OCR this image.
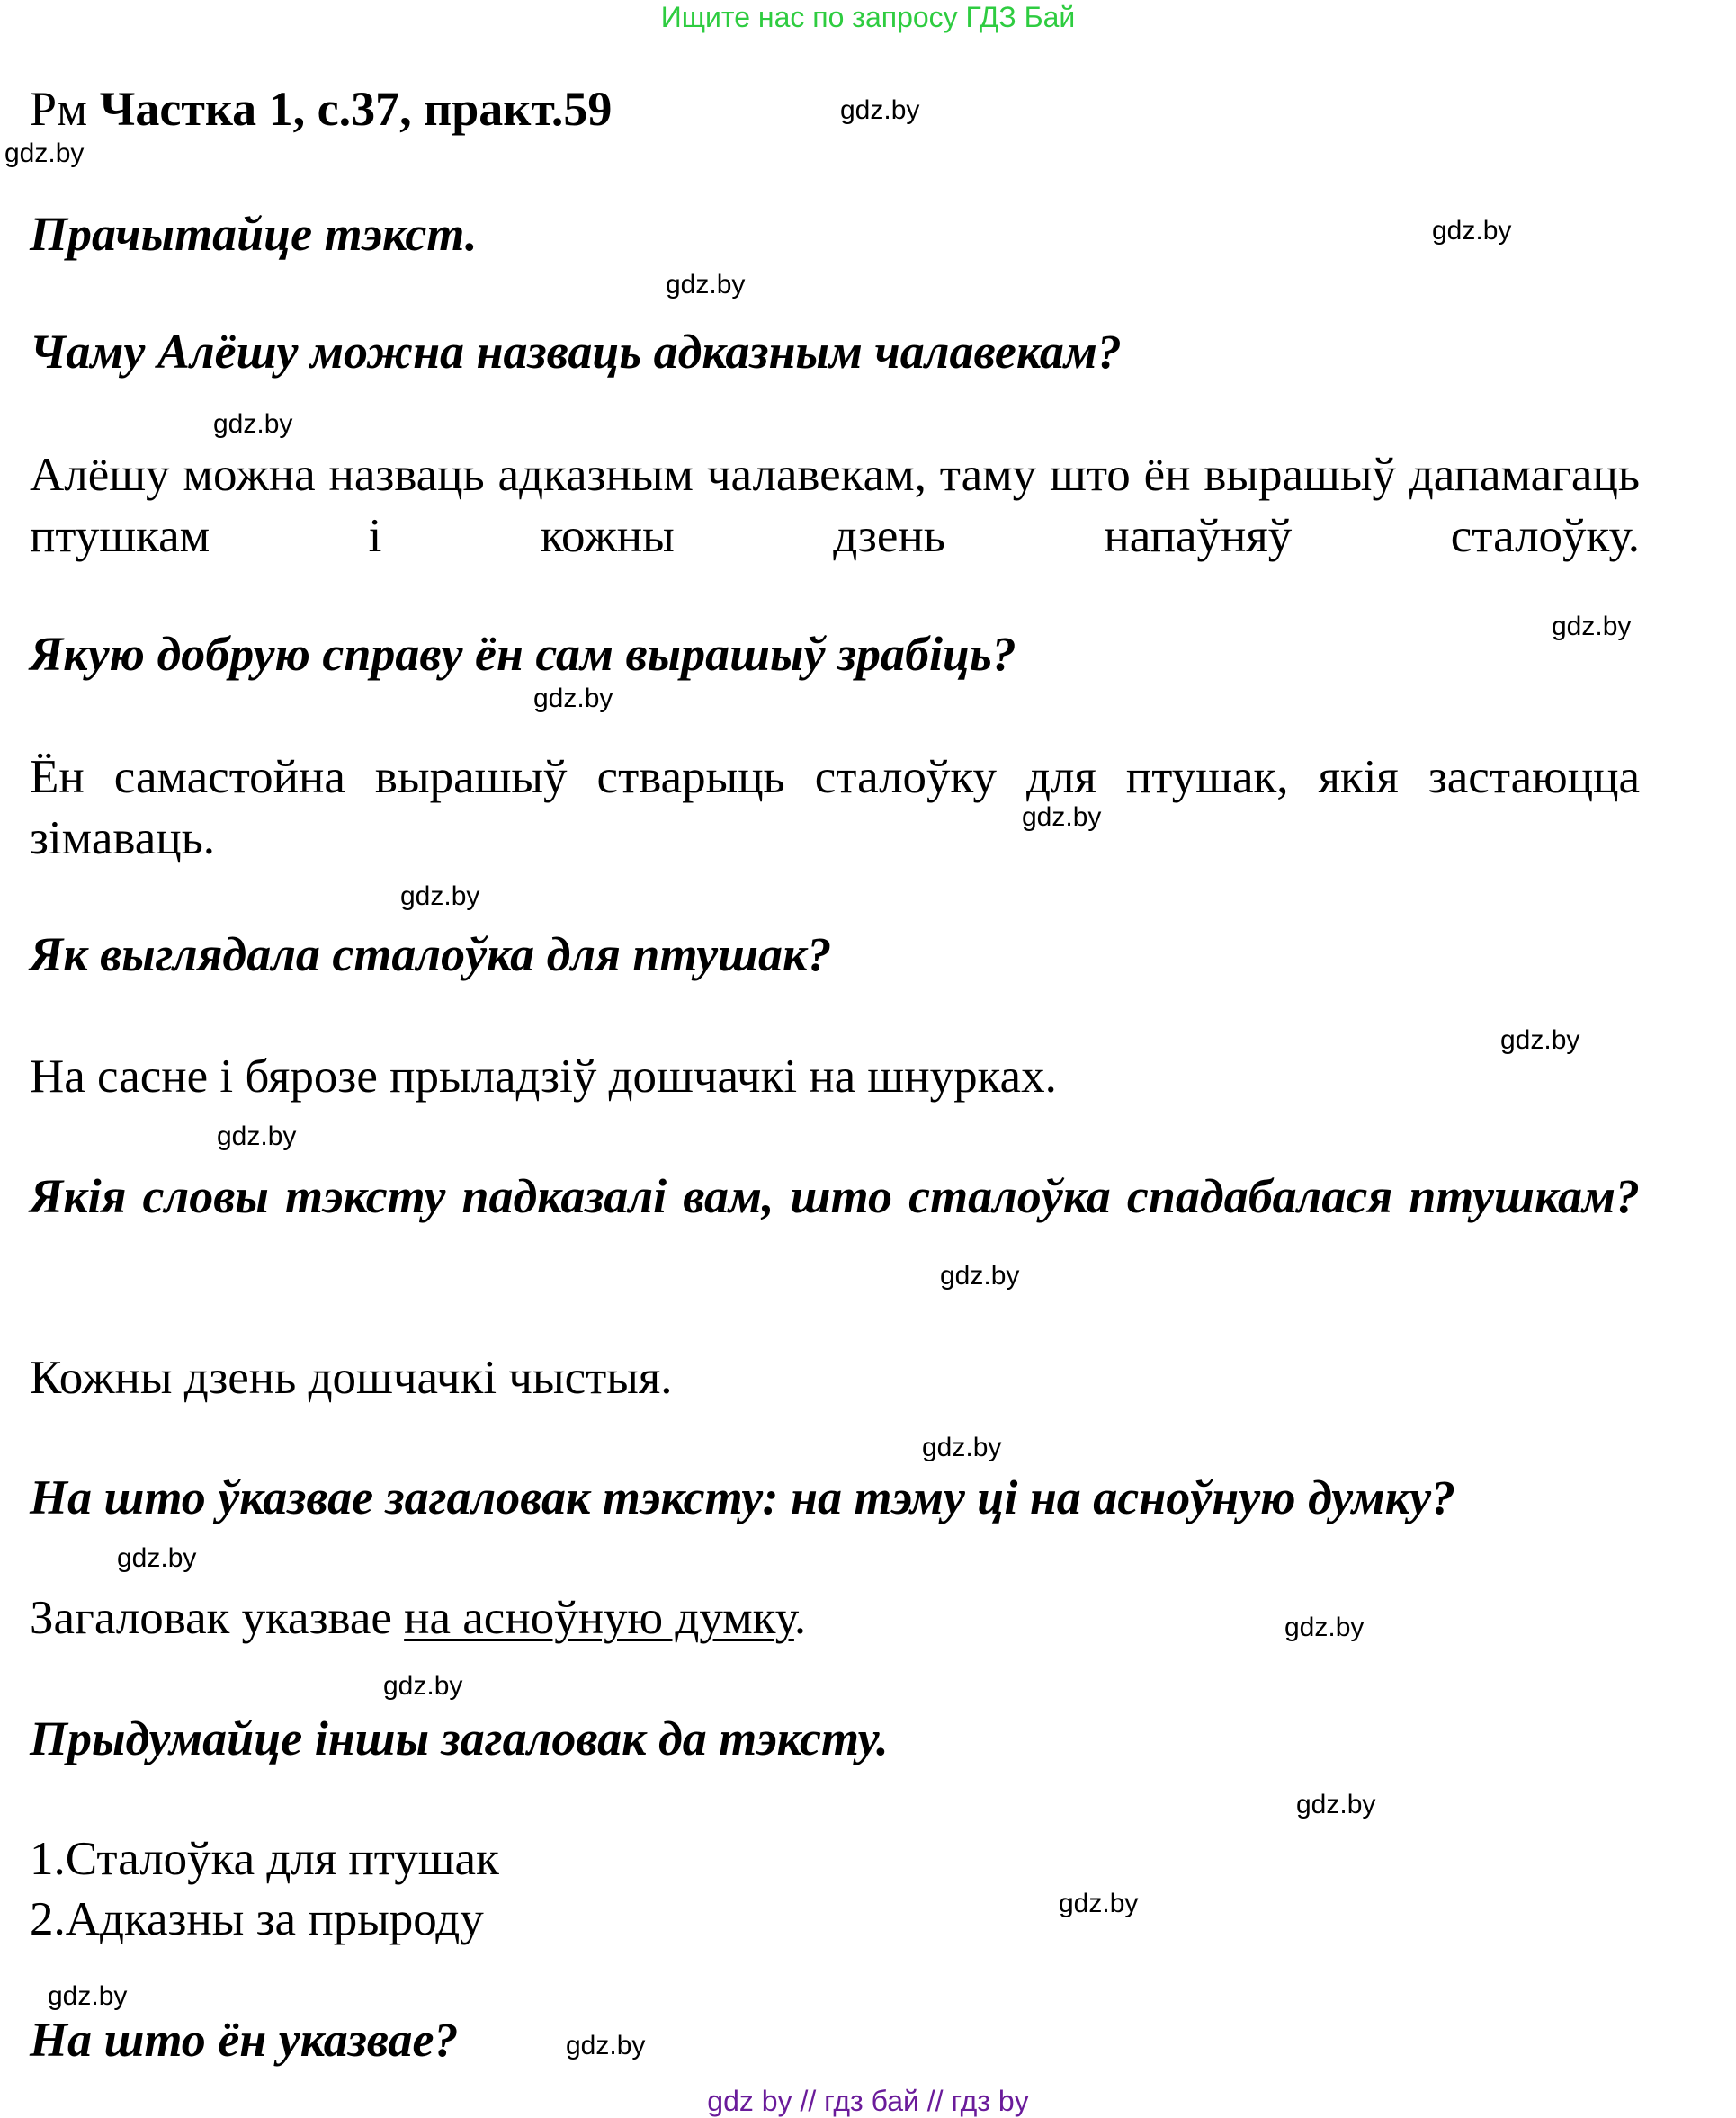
Ищите нас по запросу ГДЗ Бай
Рм Частка 1, с.37, практ.59
Прачытайце тэкст.
Чаму Алёшу можна назваць адказным чалавекам?
Алёшу можна назваць адказным чалавекам, таму што ён вырашыў дапамагаць птушкам і кожны дзень напаўняў сталоўку.
Якую добрую справу ён сам вырашыў зрабіць?
Ён самастойна вырашыў стварыць сталоўку для птушак, якія застаюцца зімаваць.
Як выглядала сталоўка для птушак?
На сасне і бярозе прыладзіў дошчачкі на шнурках.
Якія словы тэксту падказалі вам, што сталоўка спадабалася птушкам?
Кожны дзень дошчачкі чыстыя.
На што ўказвае загаловак тэксту: на тэму ці на асноўную думку?
Загаловак указвае на асноўную думку.
Прыдумайце іншы загаловак да тэксту.
1.Сталоўка для птушак
2.Адказны за прыроду
На што ён указвае?
gdz.by
gdz.by
gdz.by
gdz.by
gdz.by
gdz.by
gdz.by
gdz.by
gdz.by
gdz.by
gdz.by
gdz.by
gdz.by
gdz.by
gdz.by
gdz.by
gdz.by
gdz.by
gdz.by
gdz.by
gdz by // гдз бай // гдз by
